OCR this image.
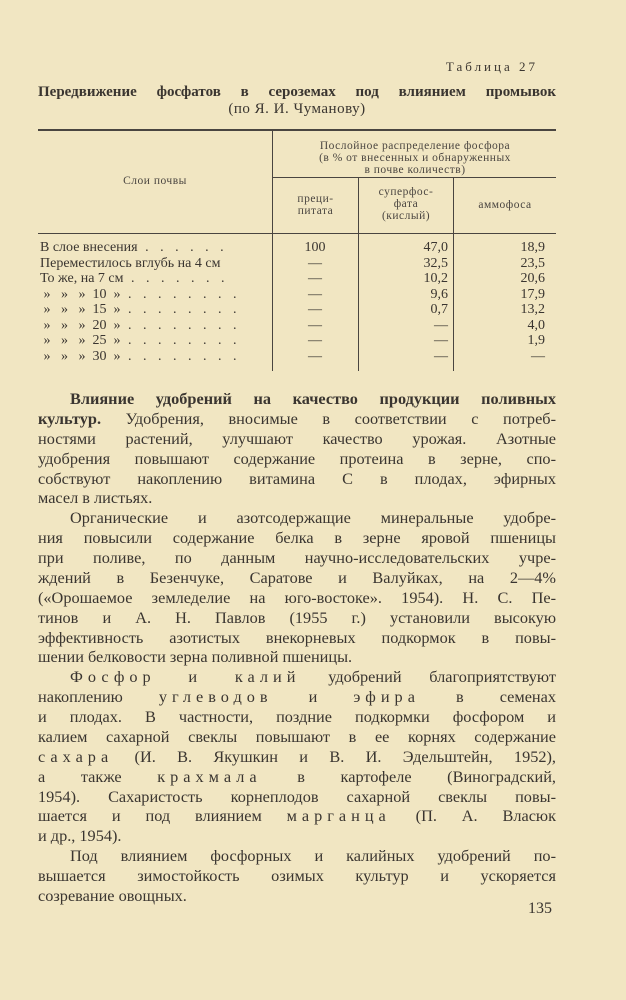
Таблица 27
Передвижение фосфатов в сероземах под влиянием промывок
(по Я. И. Чуманову)
Слои почвы
Послойное распределение фосфора
(в % от внесенных и обнаруженных
в почве количеств)
преци-
питата
суперфос-
фата
(кислый)
аммофоса
В слое внесения . . . . . .	100	47,0	18,9
Переместилось вглубь на 4 см	—	32,5	23,5
То же, на 7 см . . . . . . .	—	10,2	20,6
»   »   »  10  » . . . . . . . .	—	9,6	17,9
»   »   »  15  » . . . . . . . .	—	0,7	13,2
»   »   »  20  » . . . . . . . .	—	—	4,0
»   »   »  25  » . . . . . . . .	—	—	1,9
»   »   »  30  » . . . . . . . .	—	—	—
Влияние удобрений на качество продукции поливных
культур. Удобрения, вносимые в соответствии с потреб-
ностями растений, улучшают качество урожая. Азотные
удобрения повышают содержание протеина в зерне, спо-
собствуют накоплению витамина С в плодах, эфирных
масел в листьях.
Органические и азотсодержащие минеральные удобре-
ния повысили содержание белка в зерне яровой пшеницы
при поливе, по данным научно-исследовательских учре-
ждений в Безенчуке, Саратове и Валуйках, на 2—4%
(«Орошаемое земледелие на юго-востоке». 1954). Н. С. Пе-
тинов и А. Н. Павлов (1955 г.) установили высокую
эффективность азотистых внекорневых подкормок в повы-
шении белковости зерна поливной пшеницы.
Фосфор и калий удобрений благоприятствуют
накоплению углеводов и эфира в семенах
и плодах. В частности, поздние подкормки фосфором и
калием сахарной свеклы повышают в ее корнях содержание
сахара (И. В. Якушкин и В. И. Эдельштейн, 1952),
а также крахмала в картофеле (Виноградский,
1954). Сахаристость корнеплодов сахарной свеклы повы-
шается и под влиянием марганца (П. А. Власюк
и др., 1954).
Под влиянием фосфорных и калийных удобрений по-
вышается зимостойкость озимых культур и ускоряется
созревание овощных.
135
